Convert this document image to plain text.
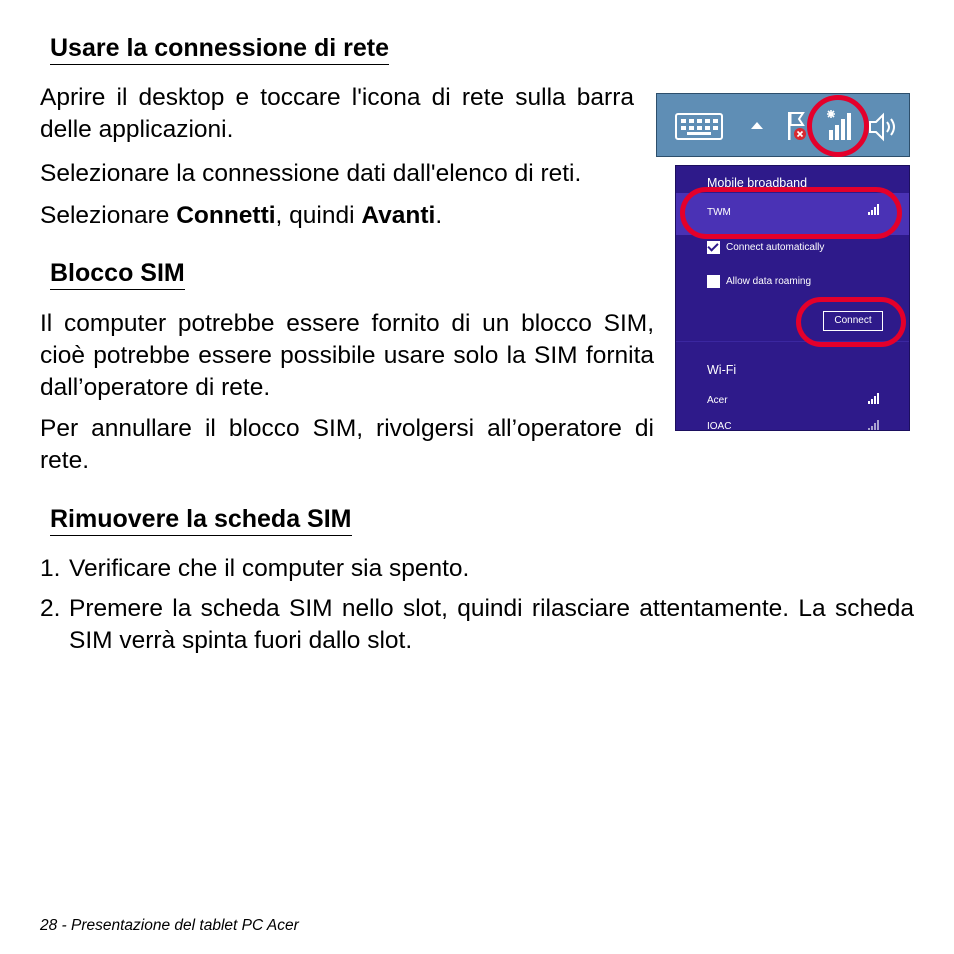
Usare la connessione di rete

Aprire il desktop e toccare l'icona di rete sulla barra delle applicazioni.

Selezionare la connessione dati dall'elenco di reti.

Selezionare Connetti, quindi Avanti.

Blocco SIM

Il computer potrebbe essere fornito di un blocco SIM, cioè potrebbe essere possibile usare solo la SIM fornita dall’operatore di rete.

Per annullare il blocco SIM, rivolgersi all’operatore di rete.

Rimuovere la scheda SIM
1. Verificare che il computer sia spento.
2. Premere la scheda SIM nello slot, quindi rilasciare attentamente. La scheda SIM verrà spinta fuori dallo slot.
Mobile broadband
TWM
Connect automatically
Allow data roaming
Connect
Wi-Fi
Acer
IOAC
28 - Presentazione del tablet PC Acer
